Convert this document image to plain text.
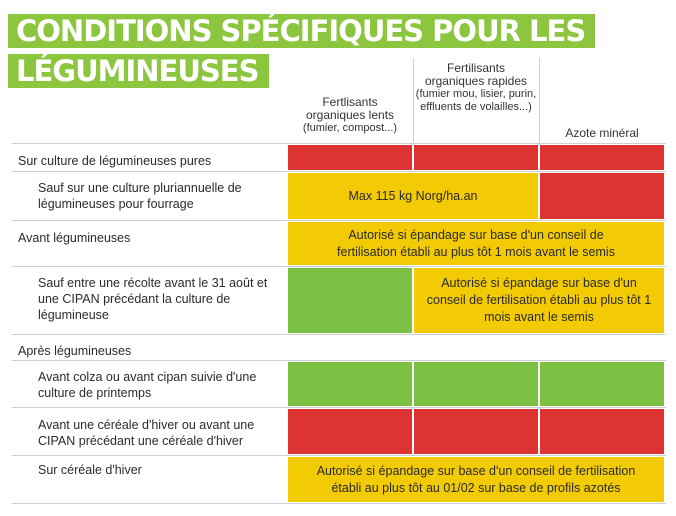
CONDITIONS SPÉCIFIQUES POUR LES
LÉGUMINEUSES
Fertlisants
organiques lents
(fumier, compost...)
Fertilisants
organiques rapides
(fumier mou, lisier, purin, effluents de volailles...)
Azote minéral
Sur culture de légumineuses pures
Sauf sur une culture pluriannuelle de légumineuses pour fourrage
Avant légumineuses
Sauf entre une récolte avant le 31 août et une CIPAN précédant la culture de légumineuse
Après légumineuses
Avant colza ou avant cipan suivie d'une culture de printemps
Avant une céréale d'hiver ou avant une CIPAN précédant une céréale d'hiver
Sur céréale d'hiver
Max 115 kg Norg/ha.an
Autorisé si épandage sur base d'un conseil de fertilisation établi au plus tôt 1 mois avant le semis
Autorisé si épandage sur base d'un conseil de fertilisation établi au plus tôt 1 mois avant le semis
Autorisé si épandage sur base d'un conseil de fertilisation établi au plus tôt au 01/02 sur base de profils azotés
